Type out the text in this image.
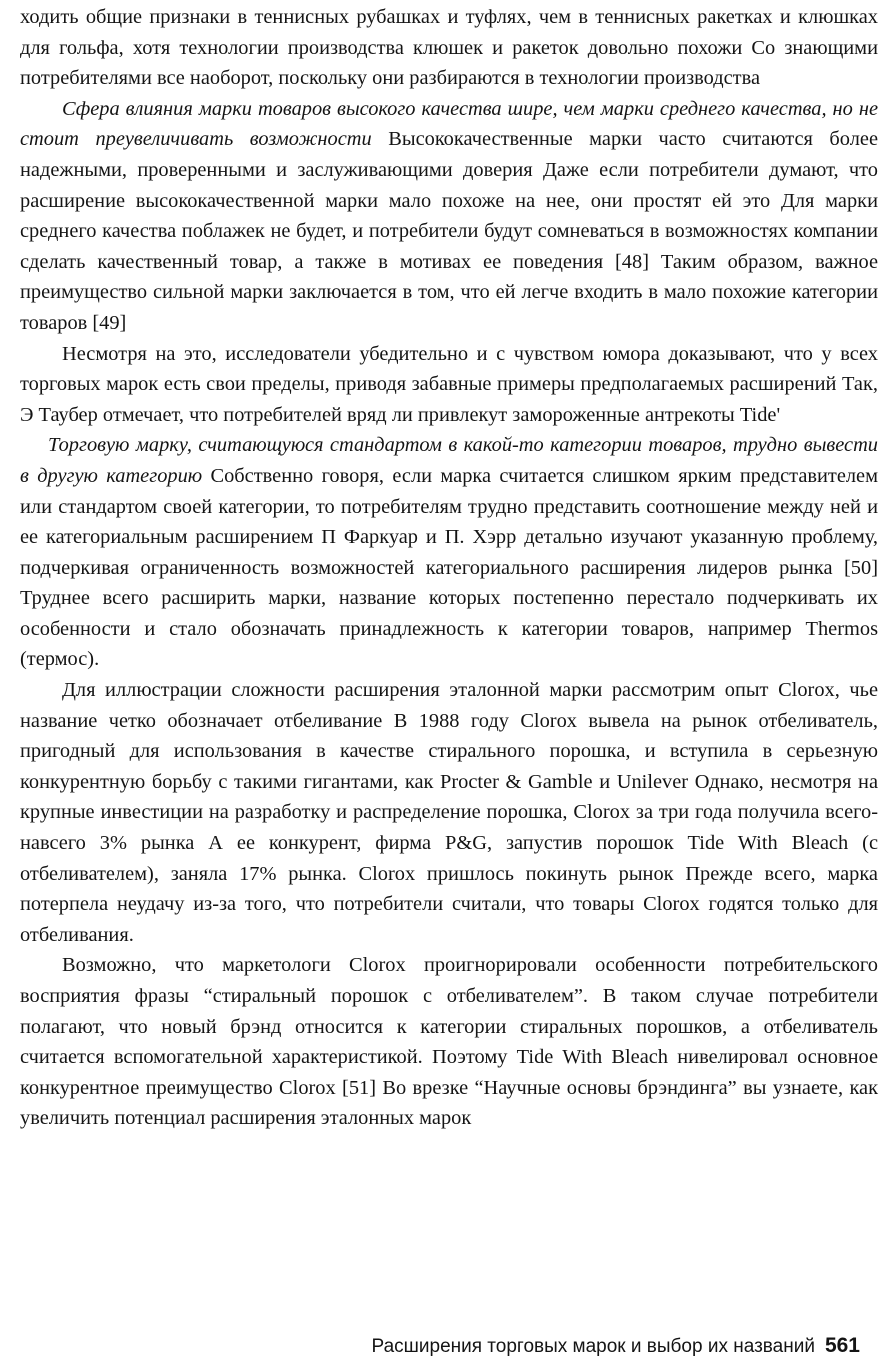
ходить общие признаки в теннисных рубашках и туфлях, чем в теннисных ракетках и клюшках для гольфа, хотя технологии производства клюшек и ракеток довольно похожи Со знающими потребителями все наоборот, поскольку они разбираются в технологии производства

Сфера влияния марки товаров высокого качества шире, чем марки среднего качества, но не стоит преувеличивать возможности Высококачественные марки часто считаются более надежными, проверенными и заслуживающими доверия Даже если потребители думают, что расширение высококачественной марки мало похоже на нее, они простят ей это Для марки среднего качества поблажек не будет, и потребители будут сомневаться в возможностях компании сделать качественный товар, а также в мотивах ее поведения [48] Таким образом, важное преимущество сильной марки заключается в том, что ей легче входить в мало похожие категории товаров [49]

Несмотря на это, исследователи убедительно и с чувством юмора доказывают, что у всех торговых марок есть свои пределы, приводя забавные примеры предполагаемых расширений Так, Э Таубер отмечает, что потребителей вряд ли привлекут замороженные антрекоты Tide'

Торговую марку, считающуюся стандартом в какой-то категории товаров, трудно вывести в другую категорию Собственно говоря, если марка считается слишком ярким представителем или стандартом своей категории, то потребителям трудно представить соотношение между ней и ее категориальным расширением П Фаркуар и П. Хэрр детально изучают указанную проблему, подчеркивая ограниченность возможностей категориального расширения лидеров рынка [50] Труднее всего расширить марки, название которых постепенно перестало подчеркивать их особенности и стало обозначать принадлежность к категории товаров, например Thermos (термос).

Для иллюстрации сложности расширения эталонной марки рассмотрим опыт Clorox, чье название четко обозначает отбеливание В 1988 году Clorox вывела на рынок отбеливатель, пригодный для использования в качестве стирального порошка, и вступила в серьезную конкурентную борьбу с такими гигантами, как Procter & Gamble и Unilever Однако, несмотря на крупные инвестиции на разработку и распределение порошка, Clorox за три года получила всего-навсего 3% рынка А ее конкурент, фирма P&G, запустив порошок Tide With Bleach (с отбеливателем), заняла 17% рынка. Clorox пришлось покинуть рынок Прежде всего, марка потерпела неудачу из-за того, что потребители считали, что товары Clorox годятся только для отбеливания.

Возможно, что маркетологи Clorox проигнорировали особенности потребительского восприятия фразы “стиральный порошок с отбеливателем”. В таком случае потребители полагают, что новый брэнд относится к категории стиральных порошков, а отбеливатель считается вспомогательной характеристикой. Поэтому Tide With Bleach нивелировал основное конкурентное преимущество Clorox [51] Во врезке “Научные основы брэндинга” вы узнаете, как увеличить потенциал расширения эталонных марок

Расширения торговых марок и выбор их названий 561
